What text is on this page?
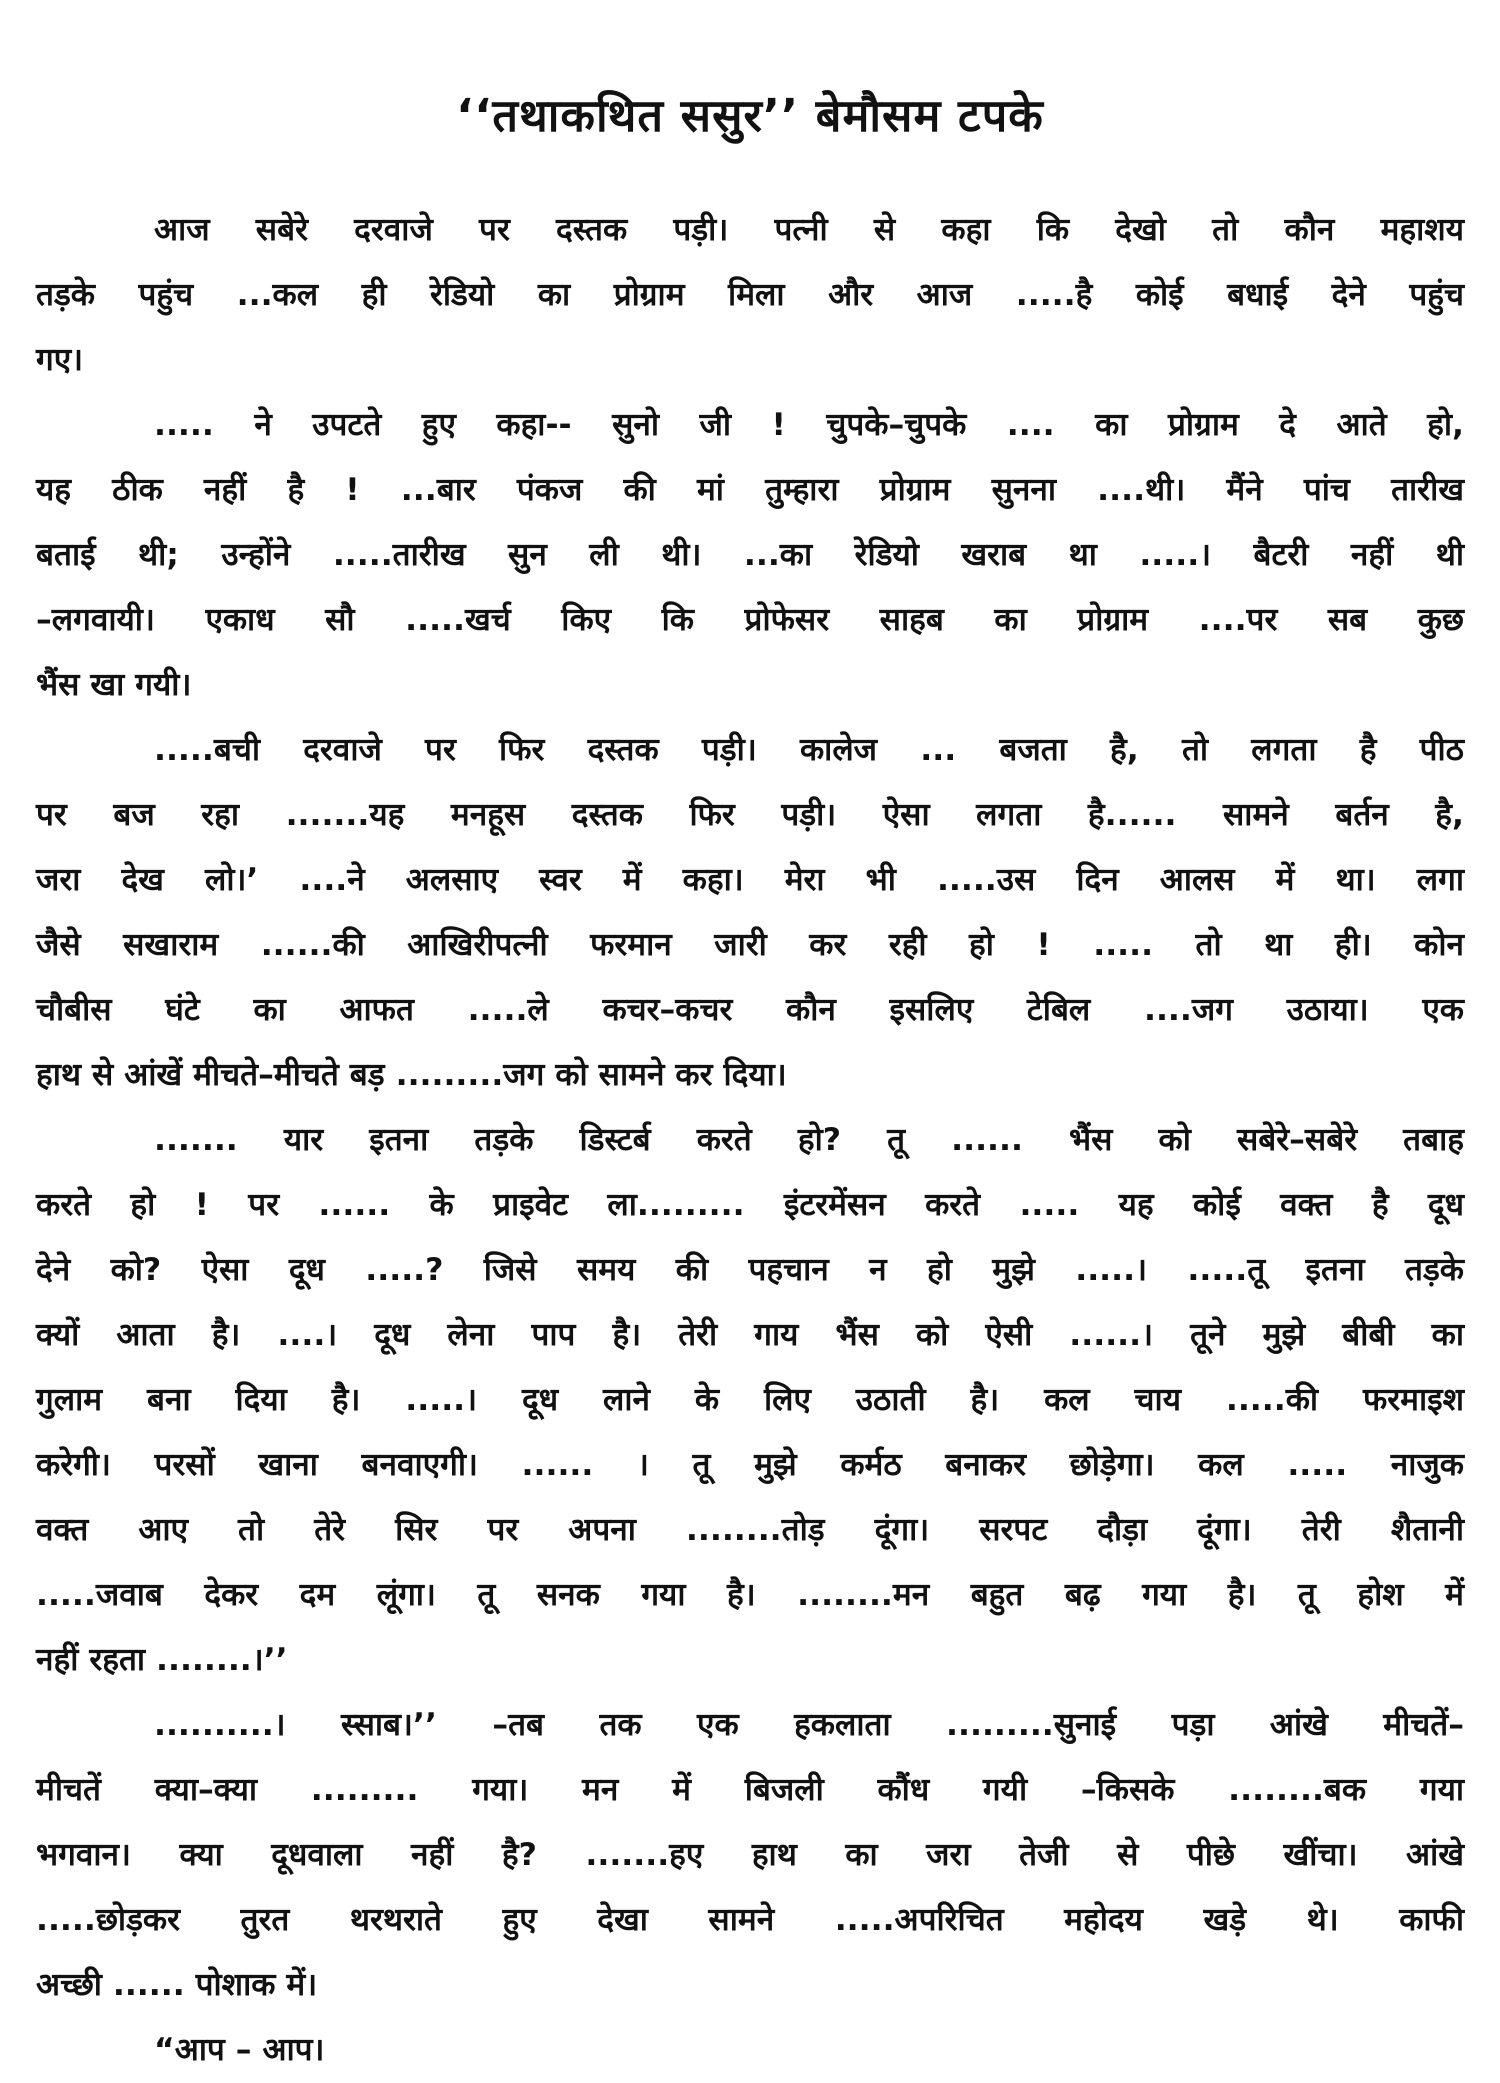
‘‘तथाकथित ससुर’’ बेमौसम टपके
आज सबेरे दरवाजे पर दस्तक पड़ी। पत्नी से कहा कि देखो तो कौन महाशय
तड़के पहुंच ...कल ही रेडियो का प्रोग्राम मिला और आज .....है कोई बधाई देने पहुंच
गए।
..... ने उपटते हुए कहा-- सुनो जी ! चुपके–चुपके .... का प्रोग्राम दे आते हो,
यह ठीक नहीं है ! ...बार पंकज की मां तुम्हारा प्रोग्राम सुनना ....थी। मैंने पांच तारीख
बताई थी; उन्होंने .....तारीख सुन ली थी। ...का रेडियो खराब था .....। बैटरी नहीं थी
–लगवायी। एकाध सौ .....खर्च किए कि प्रोफेसर साहब का प्रोग्राम ....पर सब कुछ
भैंस खा गयी।
.....बची दरवाजे पर फिर दस्तक पड़ी। कालेज ... बजता है, तो लगता है पीठ
पर बज रहा .......यह मनहूस दस्तक फिर पड़ी। ऐसा लगता है...... सामने बर्तन है,
जरा देख लो।’ ....ने अलसाए स्वर में कहा। मेरा भी .....उस दिन आलस में था। लगा
जैसे सखाराम ......की आखिरीपत्नी फरमान जारी कर रही हो ! ..... तो था ही। कोन
चौबीस घंटे का आफत .....ले कचर–कचर कौन इसलिए टेबिल ....जग उठाया। एक
हाथ से आंखें मीचते–मीचते बड़ .........जग को सामने कर दिया।
....... यार इतना तड़के डिस्टर्ब करते हो? तू ...... भैंस को सबेरे–सबेरे तबाह
करते हो ! पर ...... के प्राइवेट ला......... इंटरमेंसन करते ..... यह कोई वक्त है दूध
देने को? ऐसा दूध .....? जिसे समय की पहचान न हो मुझे .....। .....तू इतना तड़के
क्यों आता है। ....। दूध लेना पाप है। तेरी गाय भैंस को ऐसी ......। तूने मुझे बीबी का
गुलाम बना दिया है। .....। दूध लाने के लिए उठाती है। कल चाय .....की फरमाइश
करेगी। परसों खाना बनवाएगी। ...... । तू मुझे कर्मठ बनाकर छोड़ेगा। कल ..... नाजुक
वक्त आए तो तेरे सिर पर अपना ........तोड़ दूंगा। सरपट दौड़ा दूंगा। तेरी शैतानी
.....जवाब देकर दम लूंगा। तू सनक गया है। ........मन बहुत बढ़ गया है। तू होश में
नहीं रहता ........।’’
..........। स्साब।’’ –तब तक एक हकलाता .........सुनाई पड़ा आंखे मीचतें–
मीचतें क्या–क्या ......... गया। मन में बिजली कौंध गयी –किसके ........बक गया
भगवान। क्या दूधवाला नहीं है? .......हए हाथ का जरा तेजी से पीछे खींचा। आंखे
.....छोड़कर तुरत थरथराते हुए देखा सामने .....अपरिचित महोदय खड़े थे। काफी
अच्छी ...... पोशाक में।
“आप – आप।
